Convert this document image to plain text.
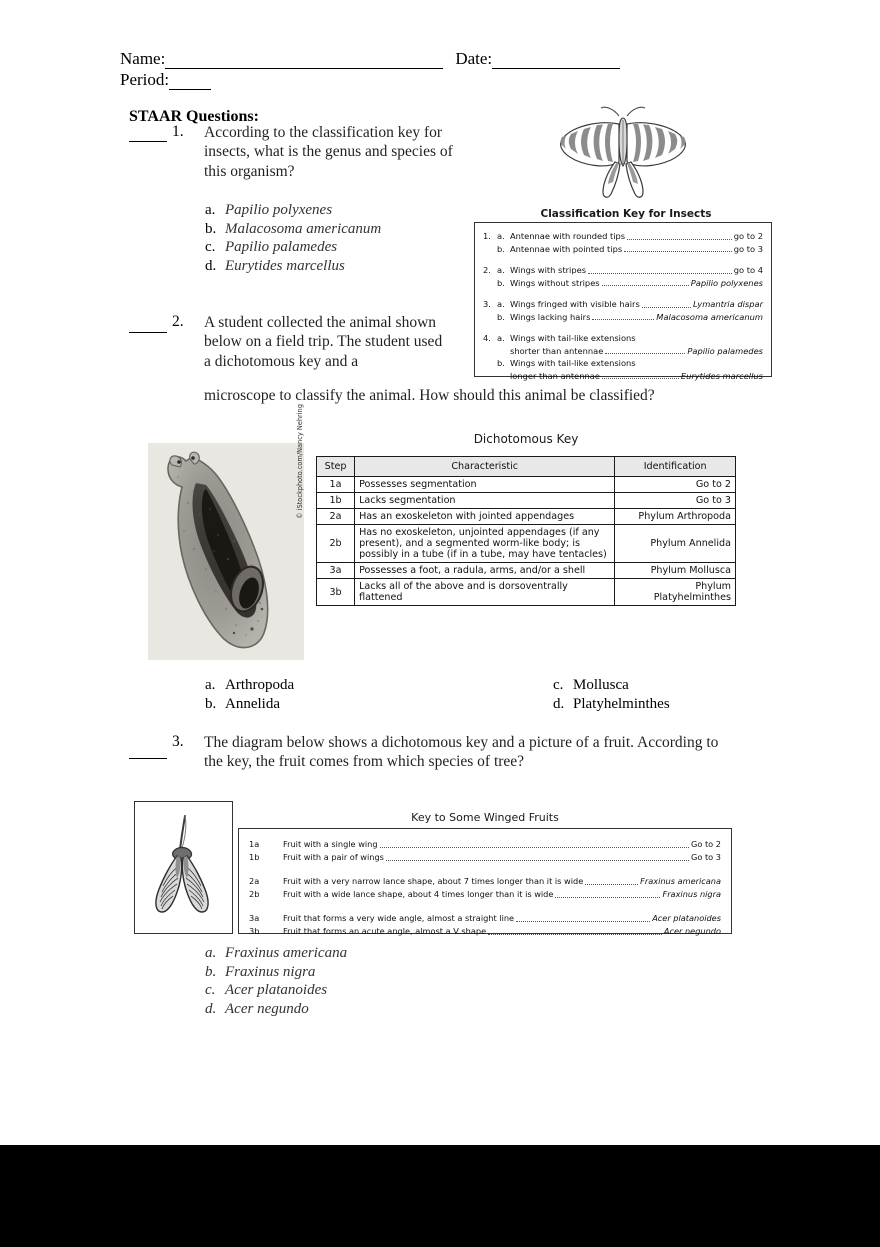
Name:	Date:
Period:
STAAR Questions:
1. According to the classification key for insects, what is the genus and species of this organism?
a. Papilio polyxenes
b. Malacosoma americanum
c. Papilio palamedes
d. Eurytides marcellus
Classification Key for Insects
1. a. Antennae with rounded tips	go to 2
b. Antennae with pointed tips	go to 3
2. a. Wings with stripes	go to 4
b. Wings without stripes	Papilio polyxenes
3. a. Wings fringed with visible hairs	Lymantria dispar
b. Wings lacking hairs	Malacosoma americanum
4. a. Wings with tail-like extensions
shorter than antennae	Papilio palamedes
b. Wings with tail-like extensions
longer than antennae	Eurytides marcellus
2. A student collected the animal shown below on a field trip. The student used a dichotomous key and a
microscope to classify the animal. How should this animal be classified?
© iStockphoto.com/Nancy Nehring	Dichotomous Key
Step	Characteristic	Identification
1a	Possesses segmentation	Go to 2
1b	Lacks segmentation	Go to 3
2a	Has an exoskeleton with jointed appendages	Phylum Arthropoda
2b	Has no exoskeleton, unjointed appendages (if any present), and a segmented worm-like body; is possibly in a tube (if in a tube, may have tentacles)	Phylum Annelida
3a	Possesses a foot, a radula, arms, and/or a shell	Phylum Mollusca
3b	Lacks all of the above and is dorsoventrally flattened	Phylum Platyhelminthes
a. Arthropoda
b. Annelida
c. Mollusca
d. Platyhelminthes
3. The diagram below shows a dichotomous key and a picture of a fruit. According to the key, the fruit comes from which species of tree?
Key to Some Winged Fruits
1a	Fruit with a single wing	Go to 2
1b	Fruit with a pair of wings	Go to 3
2a	Fruit with a very narrow lance shape, about 7 times longer than it is wide	Fraxinus americana
2b	Fruit with a wide lance shape, about 4 times longer than it is wide	Fraxinus nigra
3a	Fruit that forms a very wide angle, almost a straight line	Acer platanoides
3b	Fruit that forms an acute angle, almost a V shape	Acer negundo
a. Fraxinus americana
b. Fraxinus nigra
c. Acer platanoides
d. Acer negundo
